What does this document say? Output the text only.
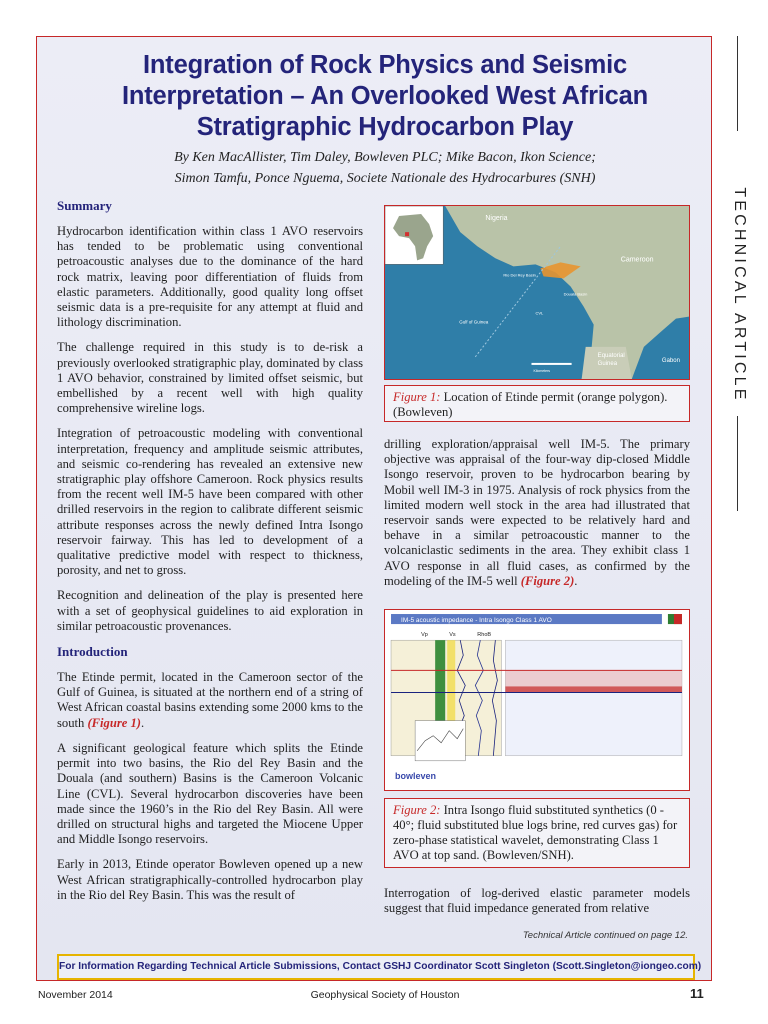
TECHNICAL ARTICLE
Integration of Rock Physics and Seismic Interpretation – An Overlooked West African Stratigraphic Hydrocarbon Play
By Ken MacAllister, Tim Daley, Bowleven PLC; Mike Bacon, Ikon Science;
Simon Tamfu, Ponce Nguema, Societe Nationale des Hydrocarbures (SNH)
Summary

Hydrocarbon identification within class 1 AVO reservoirs has tended to be problematic using conventional petroacoustic analyses due to the dominance of the hard rock matrix, leaving poor differentiation of fluids from elastic parameters. Additionally, good quality long offset seismic data is a pre-requisite for any attempt at fluid and lithology discrimination.

The challenge required in this study is to de-risk a previously overlooked stratigraphic play, dominated by class 1 AVO behavior, constrained by limited offset seismic, but embellished by a recent well with high quality comprehensive wireline logs.

Integration of petroacoustic modeling with conventional interpretation, frequency and amplitude seismic attributes, and seismic co-rendering has revealed an extensive new stratigraphic play offshore Cameroon. Rock physics results from the recent well IM-5 have been compared with other drilled reservoirs in the region to calibrate different seismic attribute responses across the newly defined Intra Isongo reservoir fairway. This has led to development of a qualitative predictive model with respect to thickness, porosity, and net to gross.

Recognition and delineation of the play is presented here with a set of geophysical guidelines to aid exploration in similar petroacoustic provenances.

Introduction

The Etinde permit, located in the Cameroon sector of the Gulf of Guinea, is situated at the northern end of a string of West African coastal basins extending some 2000 kms to the south (Figure 1).

A significant geological feature which splits the Etinde permit into two basins, the Rio del Rey Basin and the Douala (and southern) Basins is the Cameroon Volcanic Line (CVL). Several hydrocarbon discoveries have been made since the 1960’s in the Rio del Rey Basin. All were drilled on structural highs and targeted the Miocene Upper and Middle Isongo reservoirs.

Early in 2013, Etinde operator Bowleven opened up a new West African stratigraphically-controlled hydrocarbon play in the Rio del Rey Basin. This was the result of

Nigeria
Cameroon
Rio Del Rey Basin
Douala Basin
Gulf of Guinea
CVL
Equatorial
Guinea
Gabon
Kilometers
Figure 1: Location of Etinde permit (orange polygon). (Bowleven)

drilling exploration/appraisal well IM-5. The primary objective was appraisal of the four-way dip-closed Middle Isongo reservoir, proven to be hydrocarbon bearing by Mobil well IM-3 in 1975. Analysis of rock physics from the limited modern well stock in the area had illustrated that reservoir sands were expected to be relatively hard and behave in a similar petroacoustic manner to the volcaniclastic sediments in the area. They exhibit class 1 AVO response in all fluid cases, as confirmed by the modeling of the IM-5 well (Figure 2).

IM-5 acoustic impedance - Intra Isongo Class 1 AVO
Vp	Vs	RhoB
bowleven
Figure 2: Intra Isongo fluid substituted synthetics (0 - 40°; fluid substituted blue logs brine, red curves gas) for zero-phase statistical wavelet, demonstrating Class 1 AVO at top sand. (Bowleven/SNH).

Interrogation of log-derived elastic parameter models suggest that fluid impedance generated from relative

Technical Article continued on page 12.
For Information Regarding Technical Article Submissions, Contact GSHJ Coordinator Scott Singleton (Scott.Singleton@iongeo.com)
November 2014	Geophysical Society of Houston	11
